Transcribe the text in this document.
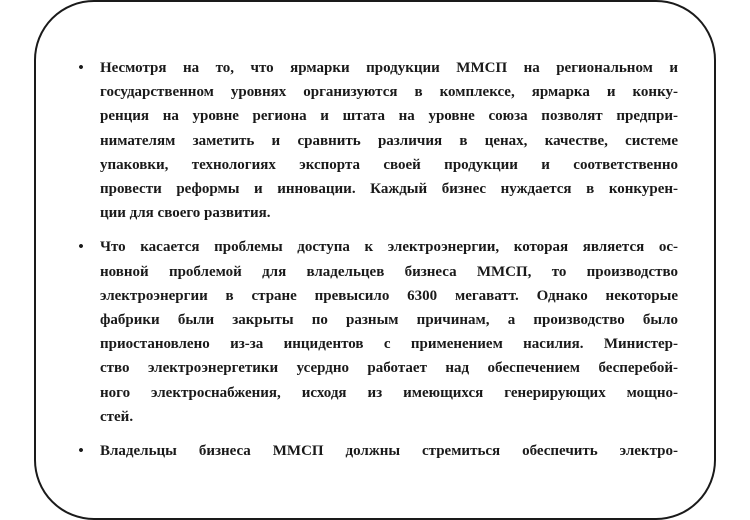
• Несмотря на то, что ярмарки продукции ММСП на региональном и
государственном уровнях организуются в комплексе, ярмарка и конку-
ренция на уровне региона и штата на уровне союза позволят предпри-
нимателям заметить и сравнить различия в ценах, качестве, системе
упаковки, технологиях экспорта своей продукции и соответственно
провести реформы и инновации. Каждый бизнес нуждается в конкурен-
ции для своего развития.
• Что касается проблемы доступа к электроэнергии, которая является ос-
новной проблемой для владельцев бизнеса ММСП, то производство
электроэнергии в стране превысило 6300 мегаватт. Однако некоторые
фабрики были закрыты по разным причинам, а производство было
приостановлено из-за инцидентов с применением насилия. Министер-
ство электроэнергетики усердно работает над обеспечением бесперебой-
ного электроснабжения, исходя из имеющихся генерирующих мощно-
стей.
• Владельцы бизнеса ММСП должны стремиться обеспечить электро-
